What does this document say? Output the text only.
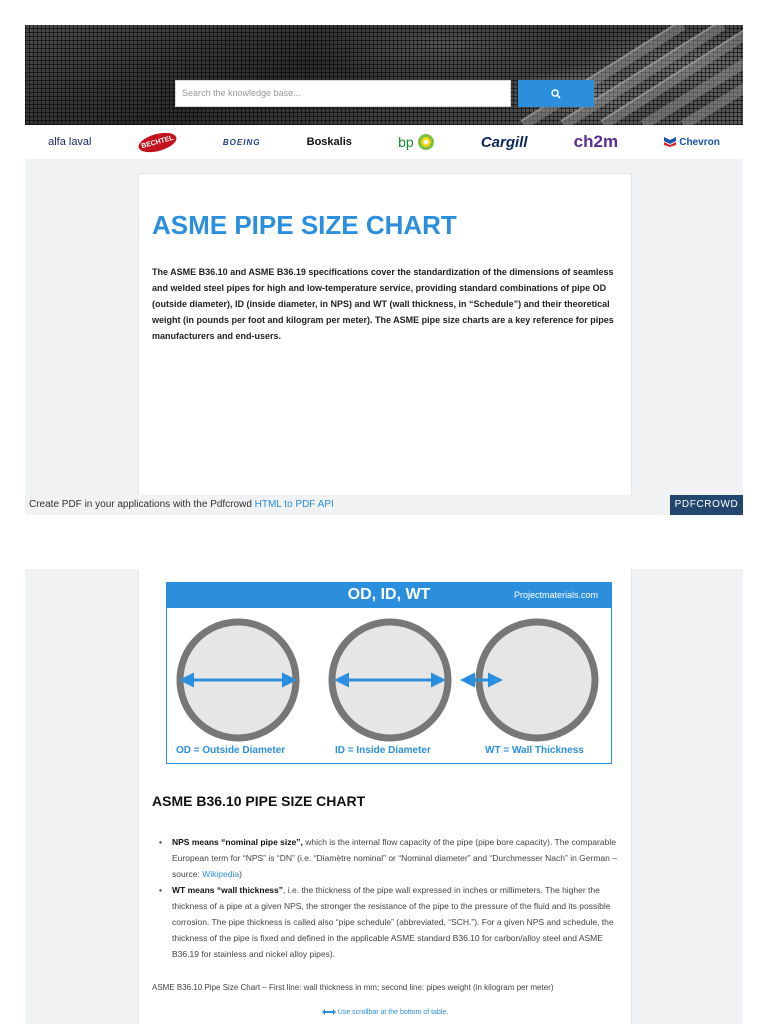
Search the knowledge base...
alfa laval	BECHTEL	BOEING	Boskalis	bp	Cargill	ch2m	Chevron
ASME PIPE SIZE CHART

The ASME B36.10 and ASME B36.19 specifications cover the standardization of the dimensions of seamless and welded steel pipes for high and low-temperature service, providing standard combinations of pipe OD (outside diameter), ID (inside diameter, in NPS) and WT (wall thickness, in “Schedule”) and their theoretical weight (in pounds per foot and kilogram per meter). The ASME pipe size charts are a key reference for pipes manufacturers and end-users.

Create PDF in your applications with the Pdfcrowd HTML to PDF API	PDFCROWD
OD, ID, WT	Projectmaterials.com
OD = Outside Diameter	ID = Inside Diameter	WT = Wall Thickness
ASME B36.10 PIPE SIZE CHART
• NPS means “nominal pipe size”, which is the internal flow capacity of the pipe (pipe bore capacity). The comparable European term for “NPS” is “DN” (i.e. “Diamètre nominal” or “Nominal diameter” and “Durchmesser Nach” in German – source: Wikipedia)
• WT means “wall thickness”, i.e. the thickness of the pipe wall expressed in inches or millimeters. The higher the thickness of a pipe at a given NPS, the stronger the resistance of the pipe to the pressure of the fluid and its possible corrosion. The pipe thickness is called also “pipe schedule” (abbreviated, “SCH.”). For a given NPS and schedule, the thickness of the pipe is fixed and defined in the applicable ASME standard B36.10 for carbon/alloy steel and ASME B36.19 for stainless and nickel alloy pipes).
ASME B36.10 Pipe Size Chart – First line: wall thickness in mm; second line: pipes weight (in kilogram per meter)
Use scrollbar at the bottom of table.
